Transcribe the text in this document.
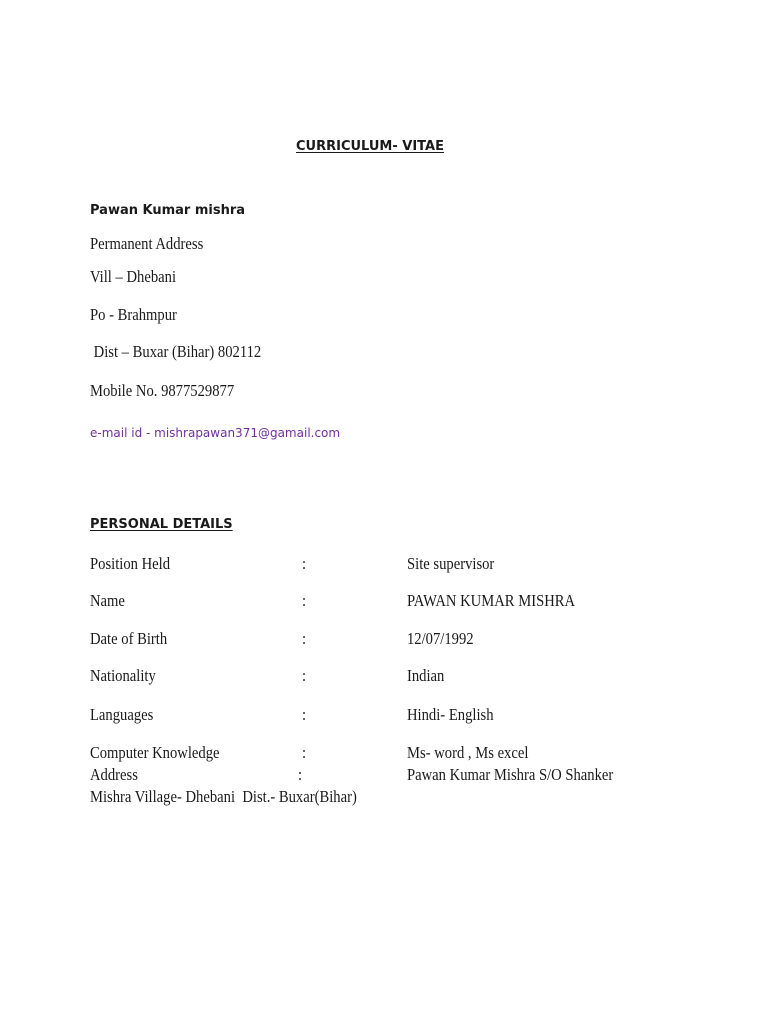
CURRICULUM- VITAE
Pawan Kumar mishra
Permanent Address
Vill – Dhebani
Po - Brahmpur
Dist – Buxar (Bihar) 802112
Mobile No. 9877529877
e-mail id - mishrapawan371@gamail.com
PERSONAL DETAILS
Position Held	:	Site supervisor
Name	:	PAWAN KUMAR MISHRA
Date of Birth	:	12/07/1992
Nationality	:	Indian
Languages	:	Hindi- English
Computer Knowledge	:	Ms- word , Ms excel
Address	:	Pawan Kumar Mishra S/O Shanker
Mishra Village- Dhebani  Dist.- Buxar(Bihar)
